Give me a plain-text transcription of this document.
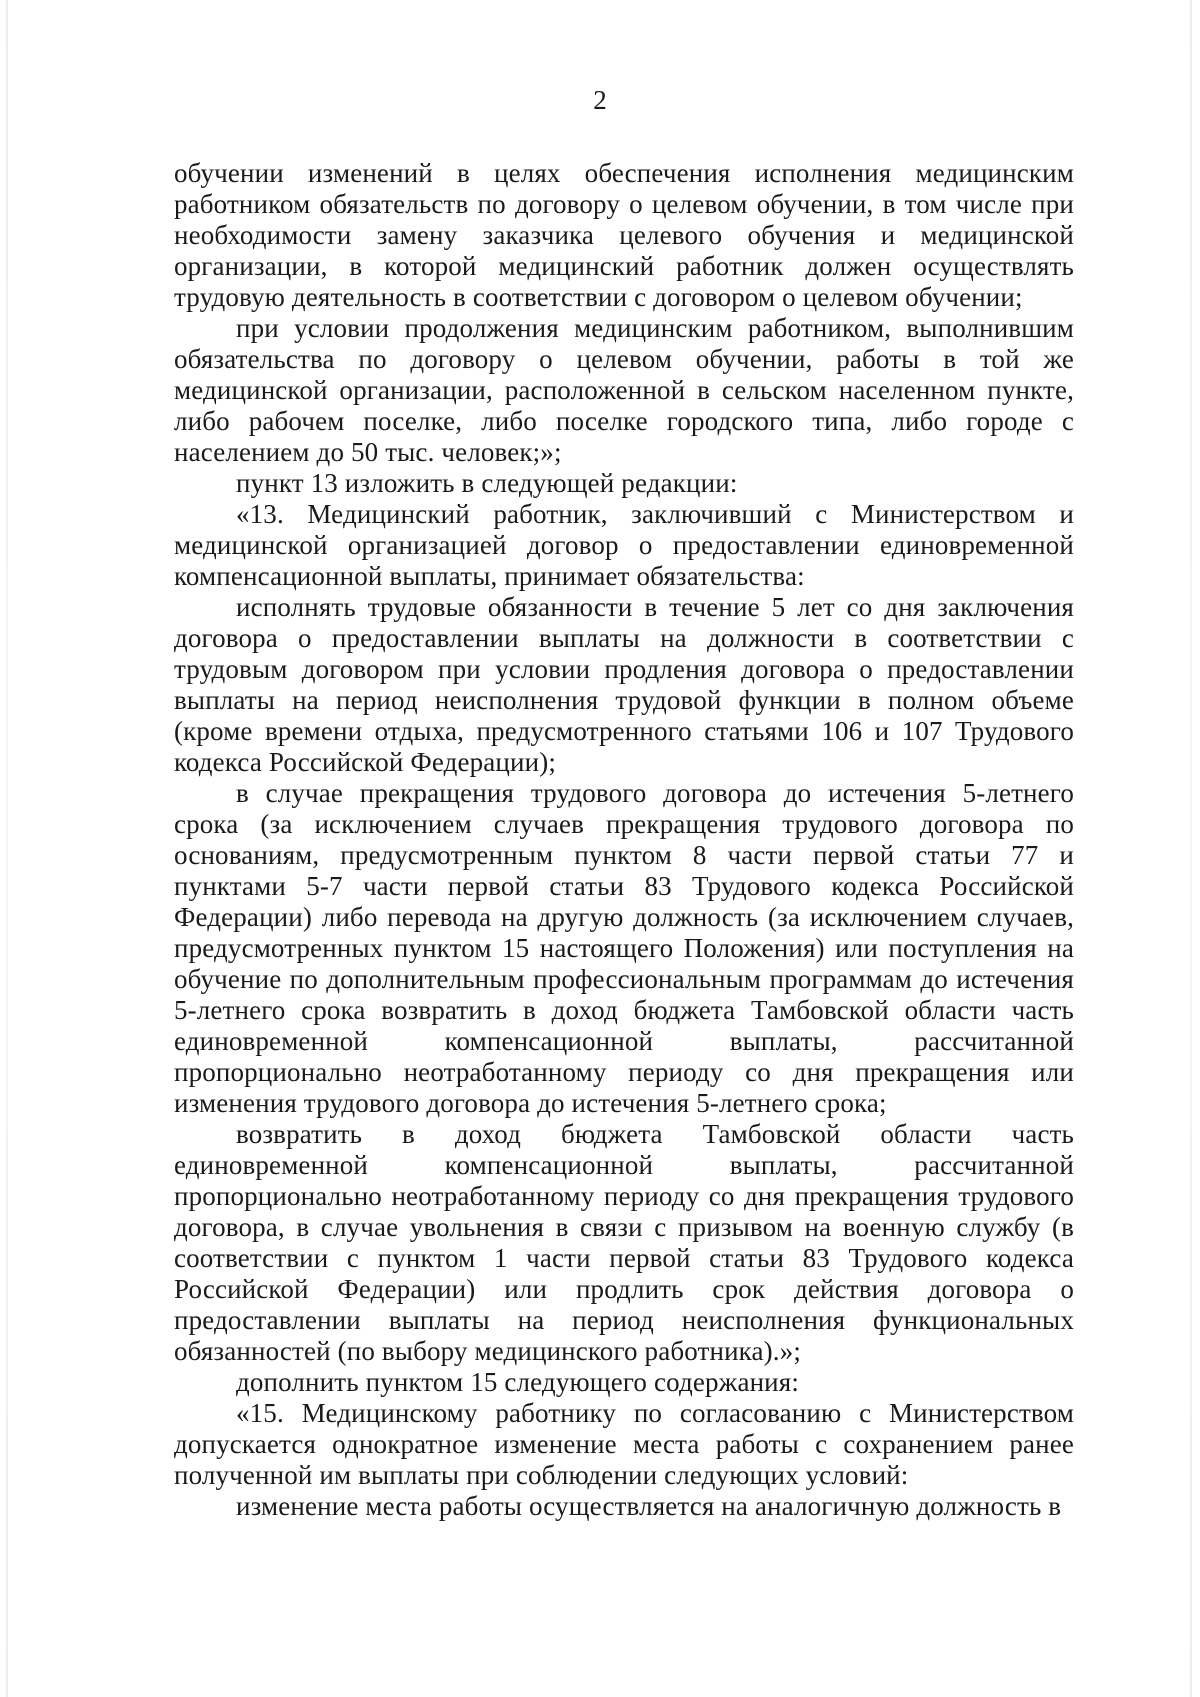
2

обучении изменений в целях обеспечения исполнения медицинским работником обязательств по договору о целевом обучении, в том числе при необходимости замену заказчика целевого обучения и медицинской организации, в которой медицинский работник должен осуществлять трудовую деятельность в соответствии с договором о целевом обучении;

при условии продолжения медицинским работником, выполнившим обязательства по договору о целевом обучении, работы в той же медицинской организации, расположенной в сельском населенном пункте, либо рабочем поселке, либо поселке городского типа, либо городе с населением до 50 тыс. человек;»;

пункт 13 изложить в следующей редакции:

«13. Медицинский работник, заключивший с Министерством и медицинской организацией договор о предоставлении единовременной компенсационной выплаты, принимает обязательства:

исполнять трудовые обязанности в течение 5 лет со дня заключения договора о предоставлении выплаты на должности в соответствии с трудовым договором при условии продления договора о предоставлении выплаты на период неисполнения трудовой функции в полном объеме (кроме времени отдыха, предусмотренного статьями 106 и 107 Трудового кодекса Российской Федерации);

в случае прекращения трудового договора до истечения 5-летнего срока (за исключением случаев прекращения трудового договора по основаниям, предусмотренным пунктом 8 части первой статьи 77 и пунктами 5-7 части первой статьи 83 Трудового кодекса Российской Федерации) либо перевода на другую должность (за исключением случаев, предусмотренных пунктом 15 настоящего Положения) или поступления на обучение по дополнительным профессиональным программам до истечения 5-летнего срока возвратить в доход бюджета Тамбовской области часть единовременной компенсационной выплаты, рассчитанной пропорционально неотработанному периоду со дня прекращения или изменения трудового договора до истечения 5-летнего срока;

возвратить в доход бюджета Тамбовской области часть единовременной компенсационной выплаты, рассчитанной пропорционально неотработанному периоду со дня прекращения трудового договора, в случае увольнения в связи с призывом на военную службу (в соответствии с пунктом 1 части первой статьи 83 Трудового кодекса Российской Федерации) или продлить срок действия договора о предоставлении выплаты на период неисполнения функциональных обязанностей (по выбору медицинского работника).»;

дополнить пунктом 15 следующего содержания:

«15. Медицинскому работнику по согласованию с Министерством допускается однократное изменение места работы с сохранением ранее полученной им выплаты при соблюдении следующих условий:

изменение места работы осуществляется на аналогичную должность в
